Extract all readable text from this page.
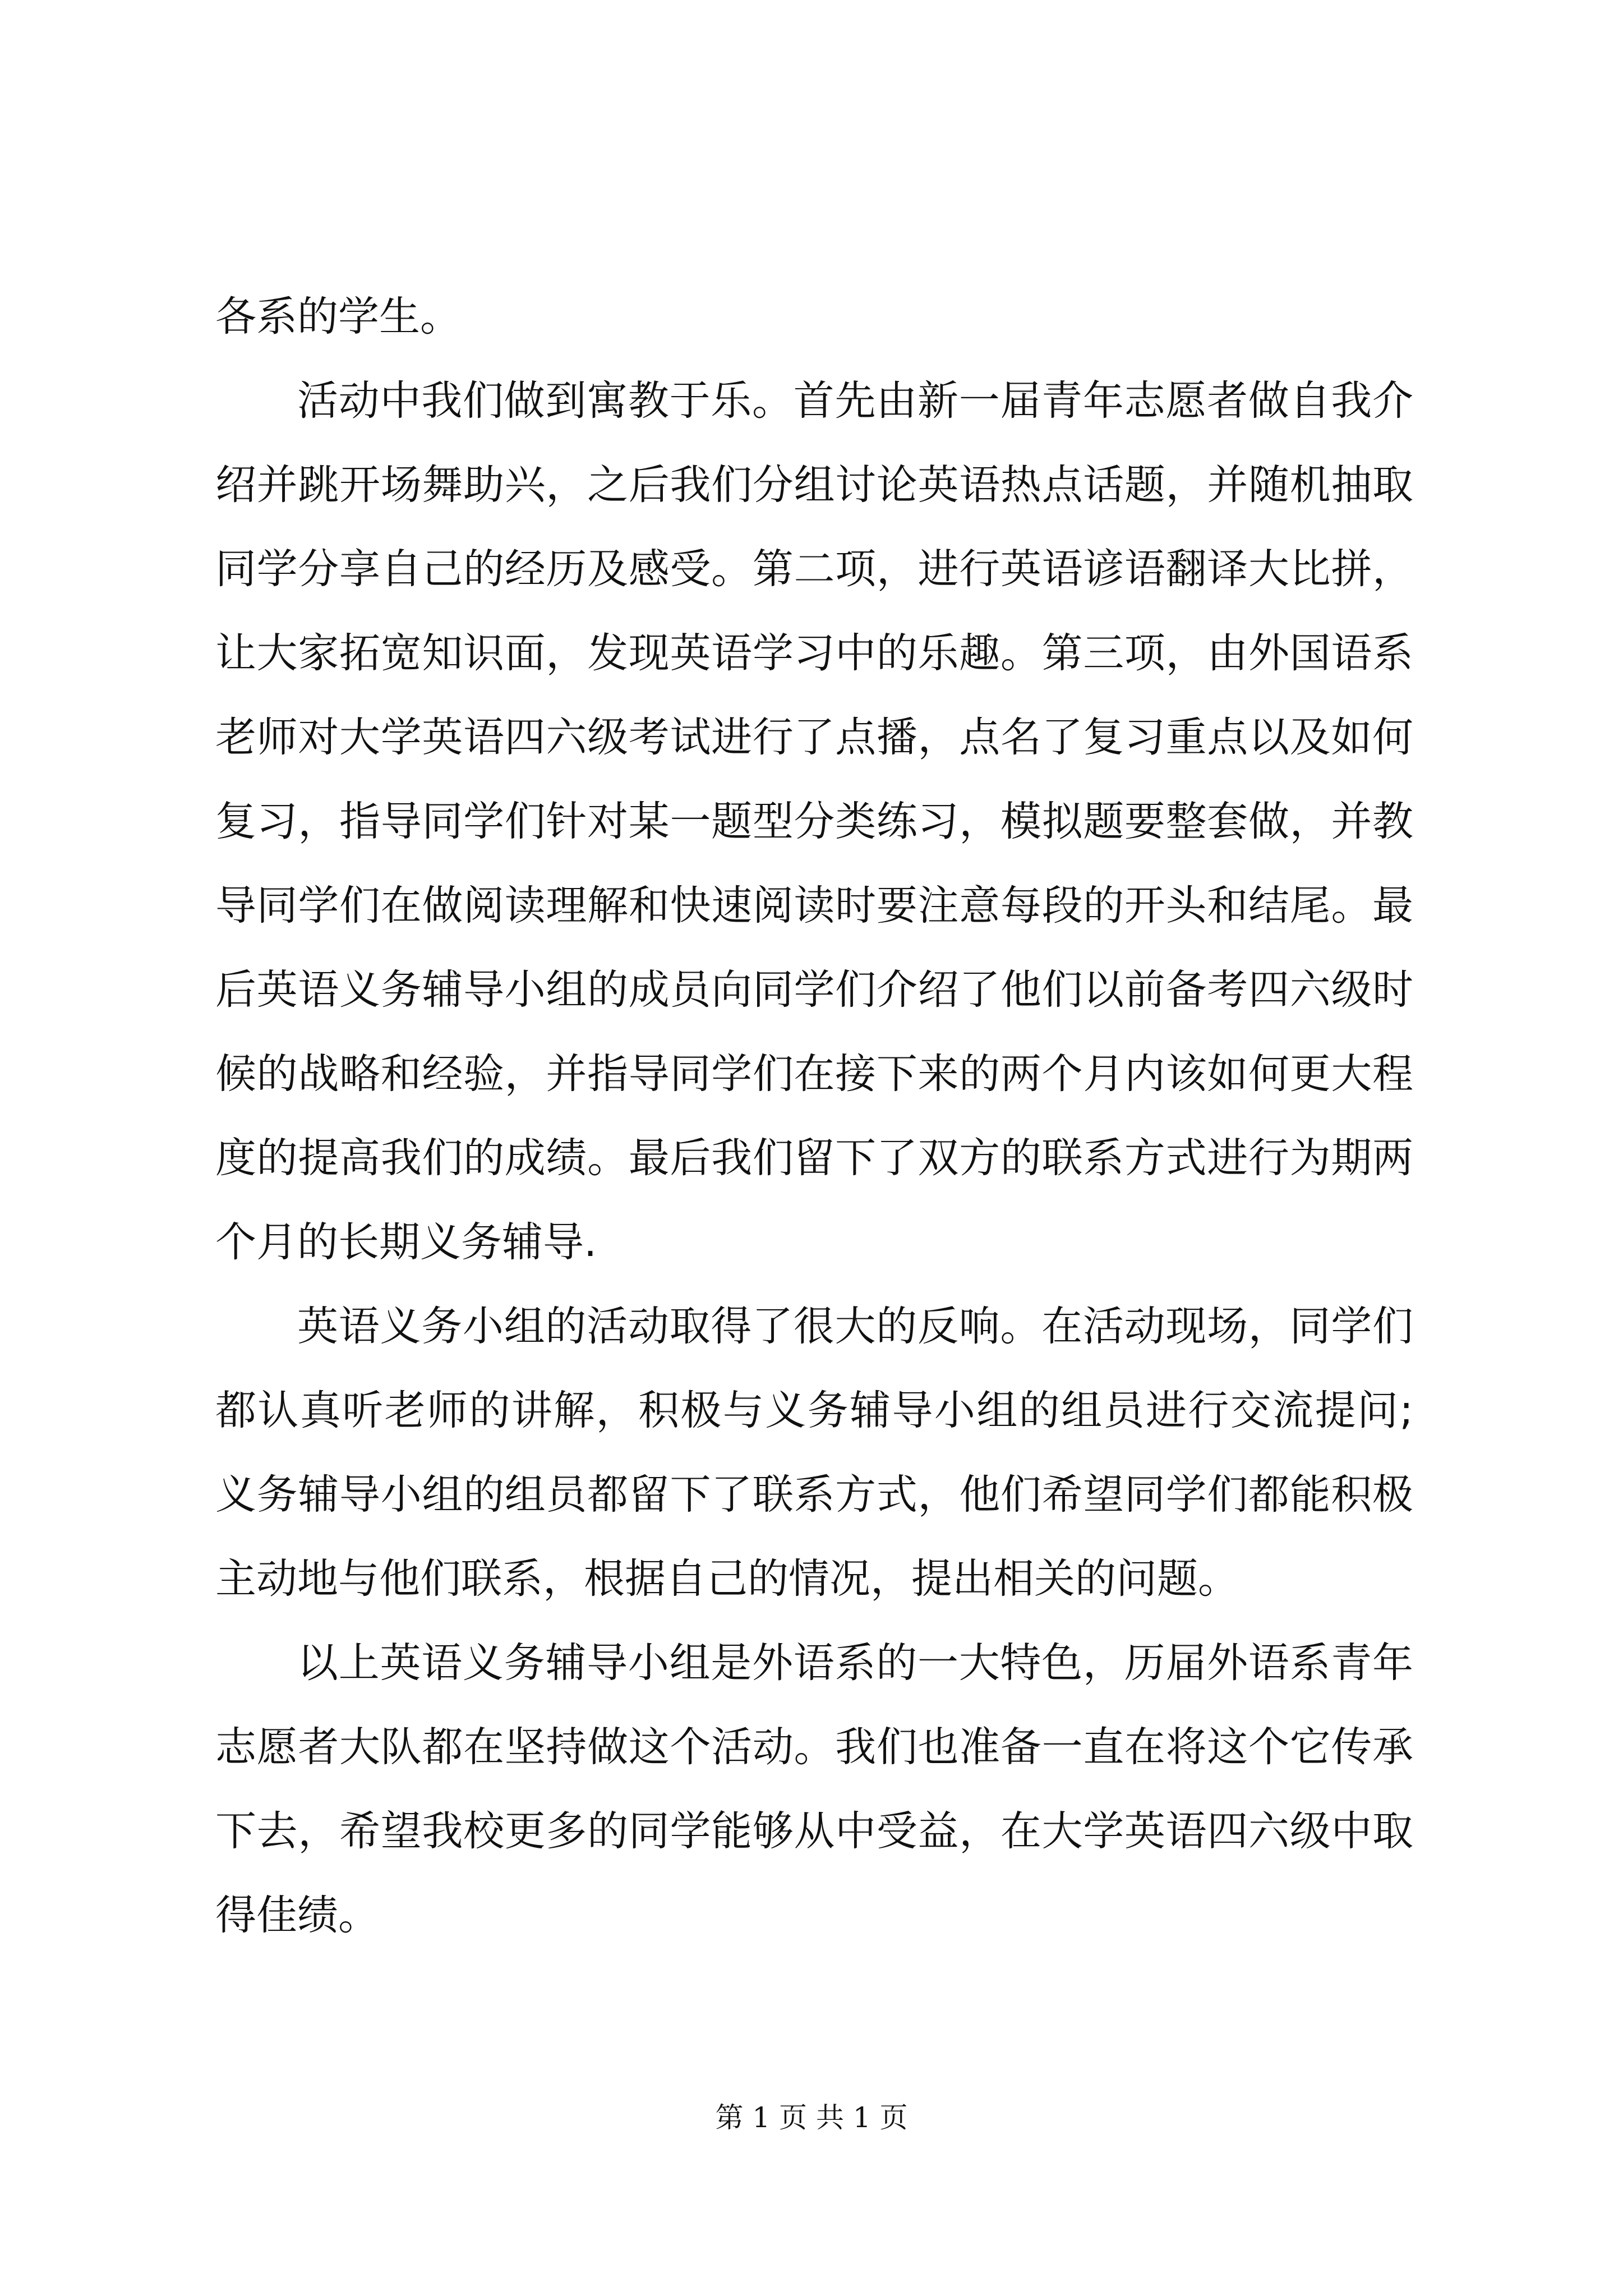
各系的学生。

活动中我们做到寓教于乐。首先由新一届青年志愿者做自我介绍并跳开场舞助兴，之后我们分组讨论英语热点话题，并随机抽取同学分享自己的经历及感受。第二项，进行英语谚语翻译大比拼，让大家拓宽知识面，发现英语学习中的乐趣。第三项，由外国语系老师对大学英语四六级考试进行了点播，点名了复习重点以及如何复习，指导同学们针对某一题型分类练习，模拟题要整套做，并教导同学们在做阅读理解和快速阅读时要注意每段的开头和结尾。最后英语义务辅导小组的成员向同学们介绍了他们以前备考四六级时候的战略和经验，并指导同学们在接下来的两个月内该如何更大程度的提高我们的成绩。最后我们留下了双方的联系方式进行为期两个月的长期义务辅导.

英语义务小组的活动取得了很大的反响。在活动现场，同学们都认真听老师的讲解，积极与义务辅导小组的组员进行交流提问;义务辅导小组的组员都留下了联系方式，他们希望同学们都能积极主动地与他们联系，根据自己的情况，提出相关的问题。

以上英语义务辅导小组是外语系的一大特色，历届外语系青年志愿者大队都在坚持做这个活动。我们也准备一直在将这个它传承下去，希望我校更多的同学能够从中受益，在大学英语四六级中取得佳绩。

第 1 页 共 1 页
